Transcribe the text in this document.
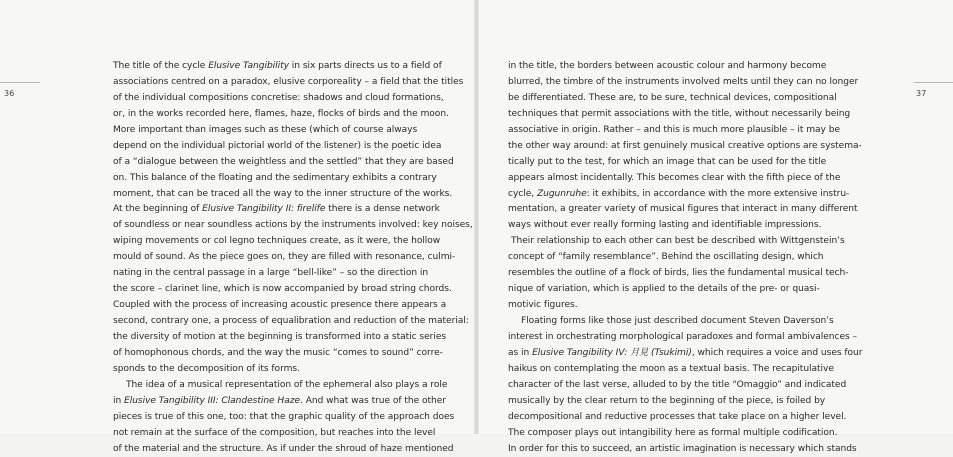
36	37
The title of the cycle Elusive Tangibility in six parts directs us to a field of
associations centred on a paradox, elusive corporeality – a field that the titles
of the individual compositions concretise: shadows and cloud formations,
or, in the works recorded here, flames, haze, flocks of birds and the moon.
More important than images such as these (which of course always
depend on the individual pictorial world of the listener) is the poetic idea
of a “dialogue between the weightless and the settled” that they are based
on. This balance of the floating and the sedimentary exhibits a contrary
moment, that can be traced all the way to the inner structure of the works.
At the beginning of Elusive Tangibility II: firelife there is a dense network
of soundless or near soundless actions by the instruments involved: key noises,
wiping movements or col legno techniques create, as it were, the hollow
mould of sound. As the piece goes on, they are filled with resonance, culmi-
nating in the central passage in a large “bell-like” – so the direction in
the score – clarinet line, which is now accompanied by broad string chords.
Coupled with the process of increasing acoustic presence there appears a
second, contrary one, a process of equalibration and reduction of the material:
the diversity of motion at the beginning is transformed into a static series
of homophonous chords, and the way the music “comes to sound” corre-
sponds to the decomposition of its forms.
The idea of a musical representation of the ephemeral also plays a role
in Elusive Tangibility III: Clandestine Haze. And what was true of the other
pieces is true of this one, too: that the graphic quality of the approach does
not remain at the surface of the composition, but reaches into the level
of the material and the structure. As if under the shroud of haze mentioned
in the title, the borders between acoustic colour and harmony become
blurred, the timbre of the instruments involved melts until they can no longer
be differentiated. These are, to be sure, technical devices, compositional
techniques that permit associations with the title, without necessarily being
associative in origin. Rather – and this is much more plausible – it may be
the other way around: at first genuinely musical creative options are systema-
tically put to the test, for which an image that can be used for the title
appears almost incidentally. This becomes clear with the fifth piece of the
cycle, Zugunruhe: it exhibits, in accordance with the more extensive instru-
mentation, a greater variety of musical figures that interact in many different
ways without ever really forming lasting and identifiable impressions.
Their relationship to each other can best be described with Wittgenstein’s
concept of “family resemblance”. Behind the oscillating design, which
resembles the outline of a flock of birds, lies the fundamental musical tech-
nique of variation, which is applied to the details of the pre- or quasi-
motivic figures.
Floating forms like those just described document Steven Daverson’s
interest in orchestrating morphological paradoxes and formal ambivalences –
as in Elusive Tangibility IV: 月見 (Tsukimi), which requires a voice and uses four
haikus on contemplating the moon as a textual basis. The recapitulative
character of the last verse, alluded to by the title “Omaggio” and indicated
musically by the clear return to the beginning of the piece, is foiled by
decompositional and reductive processes that take place on a higher level.
The composer plays out intangibility here as formal multiple codification.
In order for this to succeed, an artistic imagination is necessary which stands
